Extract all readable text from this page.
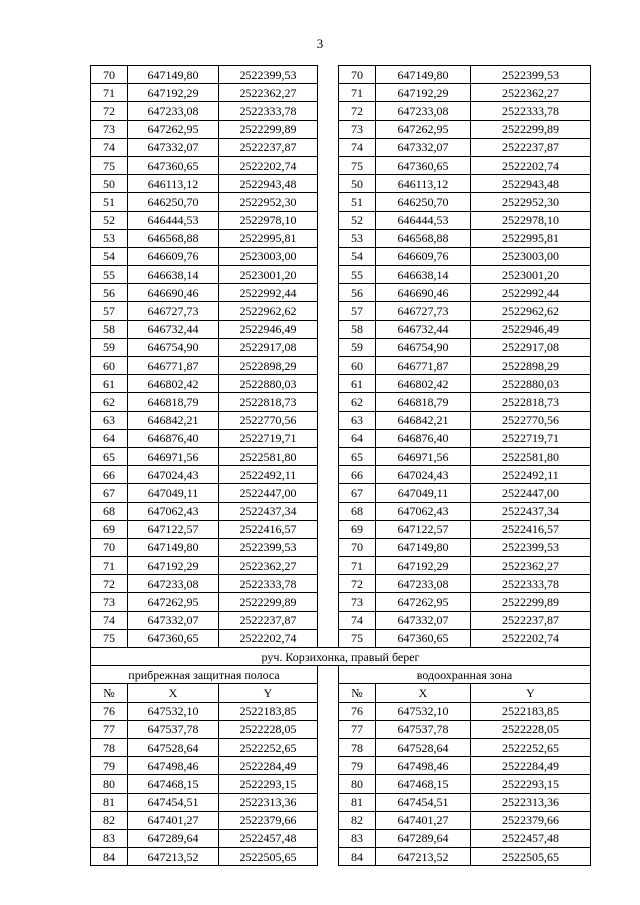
3
70	647149,80	2522399,53		70	647149,80	2522399,53
71	647192,29	2522362,27		71	647192,29	2522362,27
72	647233,08	2522333,78		72	647233,08	2522333,78
73	647262,95	2522299,89		73	647262,95	2522299,89
74	647332,07	2522237,87		74	647332,07	2522237,87
75	647360,65	2522202,74		75	647360,65	2522202,74
50	646113,12	2522943,48		50	646113,12	2522943,48
51	646250,70	2522952,30		51	646250,70	2522952,30
52	646444,53	2522978,10		52	646444,53	2522978,10
53	646568,88	2522995,81		53	646568,88	2522995,81
54	646609,76	2523003,00		54	646609,76	2523003,00
55	646638,14	2523001,20		55	646638,14	2523001,20
56	646690,46	2522992,44		56	646690,46	2522992,44
57	646727,73	2522962,62		57	646727,73	2522962,62
58	646732,44	2522946,49		58	646732,44	2522946,49
59	646754,90	2522917,08		59	646754,90	2522917,08
60	646771,87	2522898,29		60	646771,87	2522898,29
61	646802,42	2522880,03		61	646802,42	2522880,03
62	646818,79	2522818,73		62	646818,79	2522818,73
63	646842,21	2522770,56		63	646842,21	2522770,56
64	646876,40	2522719,71		64	646876,40	2522719,71
65	646971,56	2522581,80		65	646971,56	2522581,80
66	647024,43	2522492,11		66	647024,43	2522492,11
67	647049,11	2522447,00		67	647049,11	2522447,00
68	647062,43	2522437,34		68	647062,43	2522437,34
69	647122,57	2522416,57		69	647122,57	2522416,57
70	647149,80	2522399,53		70	647149,80	2522399,53
71	647192,29	2522362,27		71	647192,29	2522362,27
72	647233,08	2522333,78		72	647233,08	2522333,78
73	647262,95	2522299,89		73	647262,95	2522299,89
74	647332,07	2522237,87		74	647332,07	2522237,87
75	647360,65	2522202,74		75	647360,65	2522202,74
руч. Корзихонка, правый берег						
прибрежная защитная полоса				водоохранная зона		
№	X	Y		№	X	Y
76	647532,10	2522183,85		76	647532,10	2522183,85
77	647537,78	2522228,05		77	647537,78	2522228,05
78	647528,64	2522252,65		78	647528,64	2522252,65
79	647498,46	2522284,49		79	647498,46	2522284,49
80	647468,15	2522293,15		80	647468,15	2522293,15
81	647454,51	2522313,36		81	647454,51	2522313,36
82	647401,27	2522379,66		82	647401,27	2522379,66
83	647289,64	2522457,48		83	647289,64	2522457,48
84	647213,52	2522505,65		84	647213,52	2522505,65
